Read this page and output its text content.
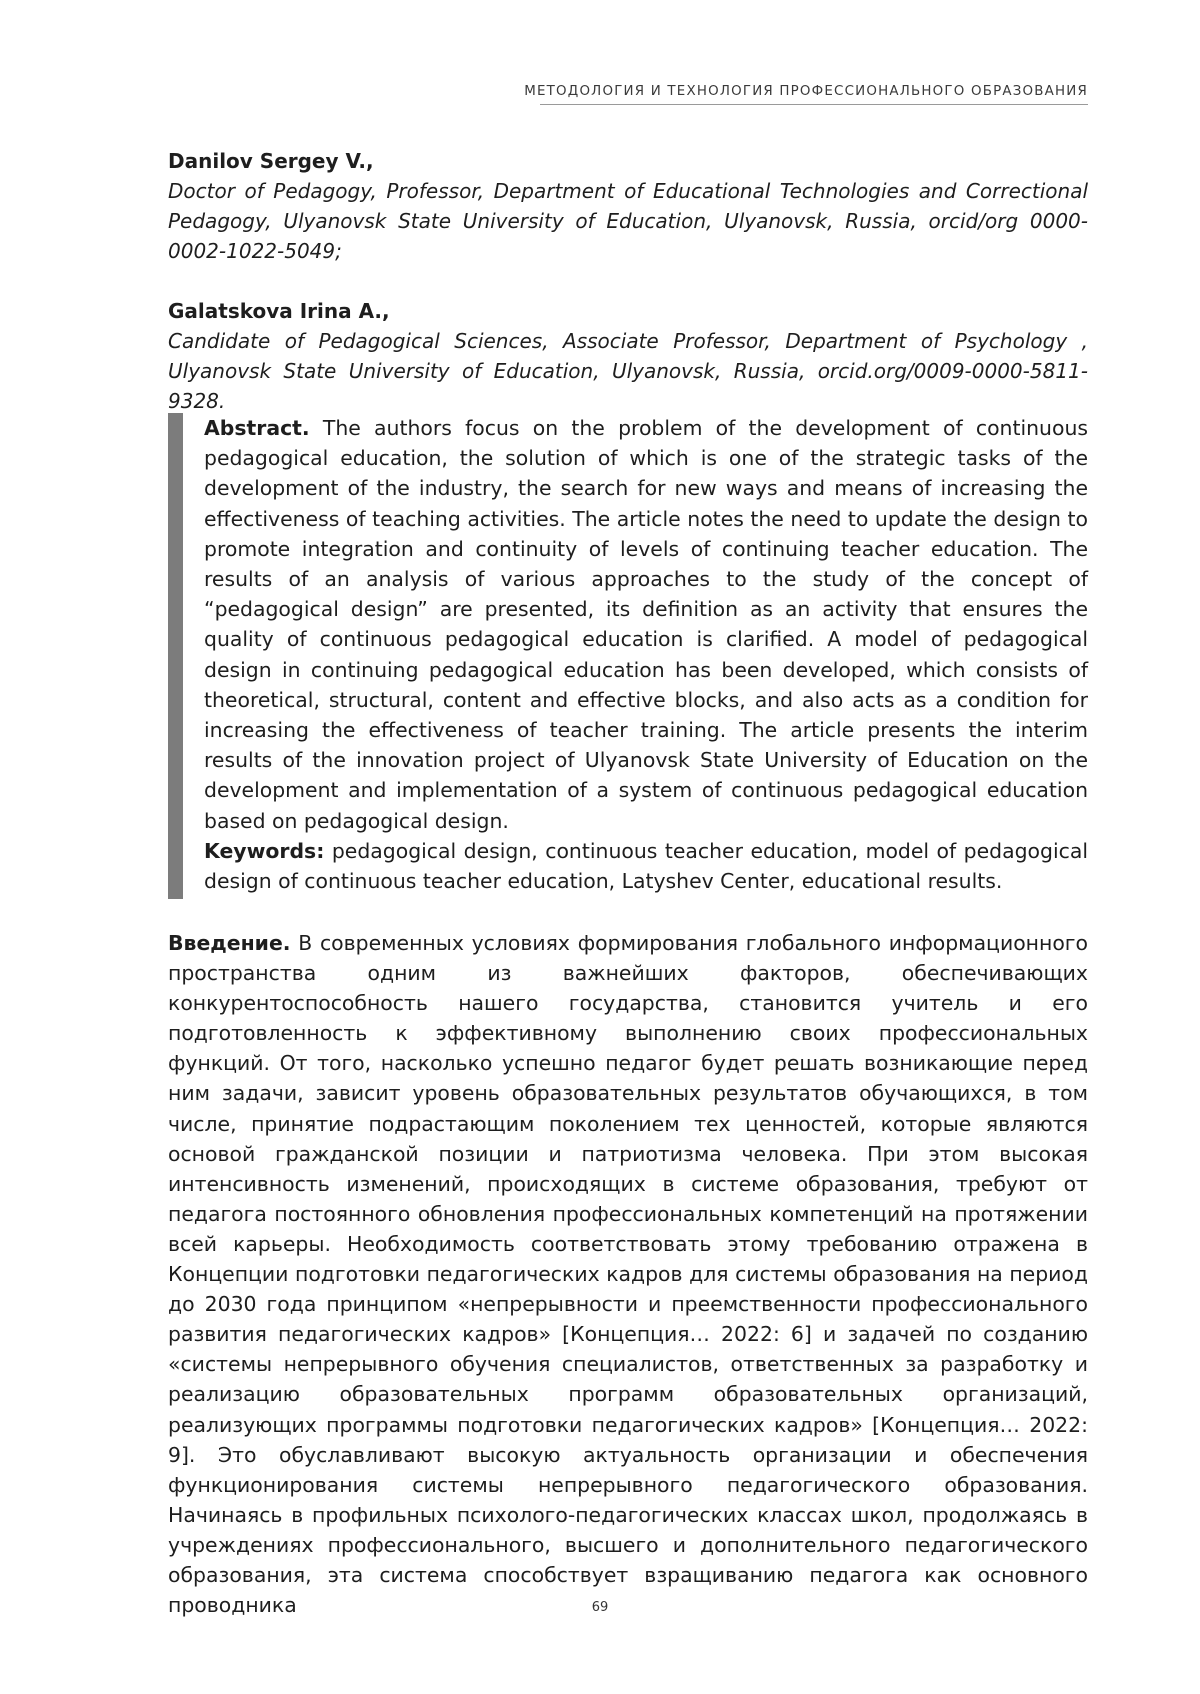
МЕТОДОЛОГИЯ И ТЕХНОЛОГИЯ ПРОФЕССИОНАЛЬНОГО ОБРАЗОВАНИЯ
Danilov Sergey V.,
Doctor of Pedagogy, Professor, Department of Educational Technologies and Correctional Pedagogy, Ulyanovsk State University of Education, Ulyanovsk, Russia, orcid/org 0000-0002-1022-5049;
Galatskova Irina A.,
Candidate of Pedagogical Sciences, Associate Professor, Department of Psychology , Ulyanovsk State University of Education, Ulyanovsk, Russia, orcid.org/0009-0000-5811-9328.
Abstract. The authors focus on the problem of the development of continuous pedagogical education, the solution of which is one of the strategic tasks of the development of the industry, the search for new ways and means of increasing the effectiveness of teaching activities. The article notes the need to update the design to promote integration and continuity of levels of continuing teacher education. The results of an analysis of various approaches to the study of the concept of “pedagogical design” are presented, its definition as an activity that ensures the quality of continuous pedagogical education is clarified. A model of pedagogical design in continuing pedagogical education has been developed, which consists of theoretical, structural, content and effective blocks, and also acts as a condition for increasing the effectiveness of teacher training. The article presents the interim results of the innovation project of Ulyanovsk State University of Education on the development and implementation of a system of continuous pedagogical education based on pedagogical design.
Keywords: pedagogical design, continuous teacher education, model of pedagogical design of continuous teacher education, Latyshev Center, educational results.
Введение. В современных условиях формирования глобального информационного пространства одним из важнейших факторов, обеспечивающих конкурентоспособность нашего государства, становится учитель и его подготовленность к эффективному выполнению своих профессиональных функций. От того, насколько успешно педагог будет решать возникающие перед ним задачи, зависит уровень образовательных результатов обучающихся, в том числе, принятие подрастающим поколением тех ценностей, которые являются основой гражданской позиции и патриотизма человека. При этом высокая интенсивность изменений, происходящих в системе образования, требуют от педагога постоянного обновления профессиональных компетенций на протяжении всей карьеры. Необходимость соответствовать этому требованию отражена в Концепции подготовки педагогических кадров для системы образования на период до 2030 года принципом «непрерывности и преемственности профессионального развития педагогических кадров» [Концепция… 2022: 6] и задачей по созданию «системы непрерывного обучения специалистов, ответственных за разработку и реализацию образовательных программ образовательных организаций, реализующих программы подготовки педагогических кадров» [Концепция… 2022: 9]. Это обуславливают высокую актуальность организации и обеспечения функционирования системы непрерывного педагогического образования. Начинаясь в профильных психолого-педагогических классах школ, продолжаясь в учреждениях профессионального, высшего и дополнительного педагогического образования, эта система способствует взращиванию педагога как основного проводника	69
